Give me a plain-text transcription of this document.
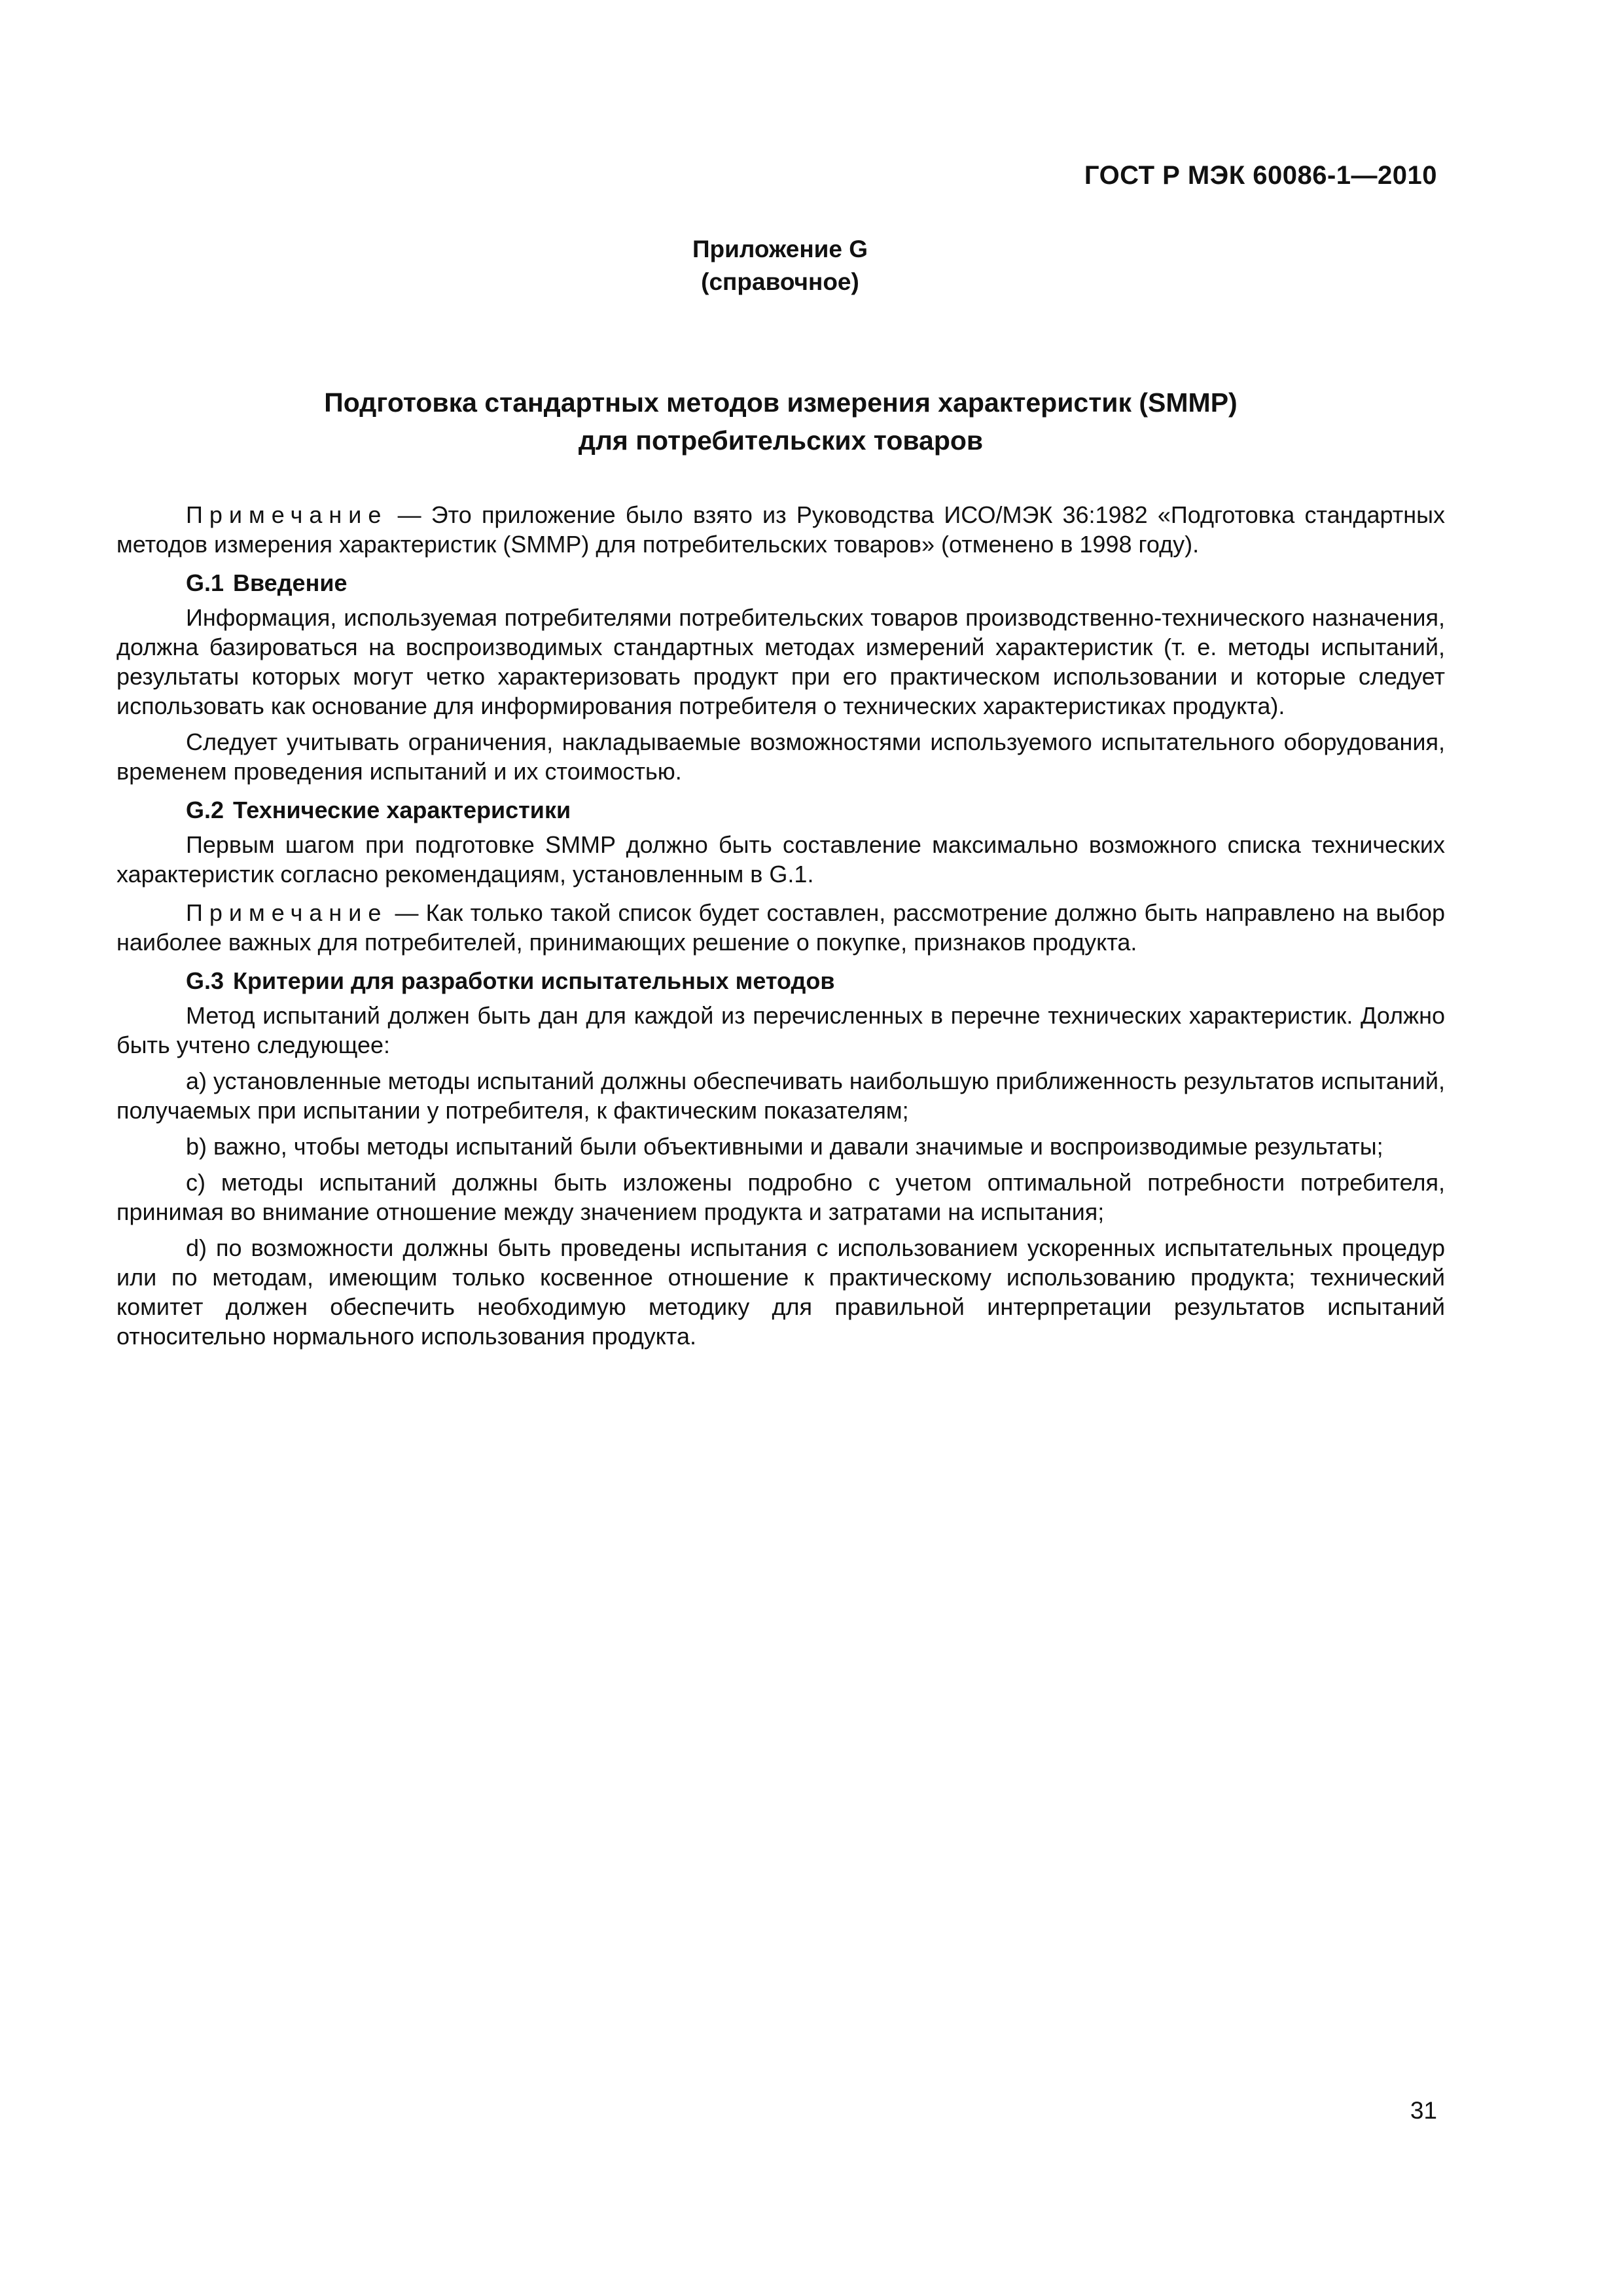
ГОСТ Р МЭК 60086-1—2010
Приложение G
(справочное)
Подготовка стандартных методов измерения характеристик (SMMP)
для потребительских товаров

Примечание — Это приложение было взято из Руководства ИСО/МЭК 36:1982 «Подготовка стандартных методов измерения характеристик (SMMP) для потребительских товаров» (отменено в 1998 году).

G.1 Введение

Информация, используемая потребителями потребительских товаров производственно-технического назначения, должна базироваться на воспроизводимых стандартных методах измерений характеристик (т. е. методы испытаний, результаты которых могут четко характеризовать продукт при его практическом использовании и которые следует использовать как основание для информирования потребителя о технических характеристиках продукта).

Следует учитывать ограничения, накладываемые возможностями используемого испытательного оборудования, временем проведения испытаний и их стоимостью.

G.2 Технические характеристики

Первым шагом при подготовке SMMP должно быть составление максимально возможного списка технических характеристик согласно рекомендациям, установленным в G.1.

Примечание — Как только такой список будет составлен, рассмотрение должно быть направлено на выбор наиболее важных для потребителей, принимающих решение о покупке, признаков продукта.

G.3 Критерии для разработки испытательных методов

Метод испытаний должен быть дан для каждой из перечисленных в перечне технических характеристик. Должно быть учтено следующее:

a) установленные методы испытаний должны обеспечивать наибольшую приближенность результатов испытаний, получаемых при испытании у потребителя, к фактическим показателям;

b) важно, чтобы методы испытаний были объективными и давали значимые и воспроизводимые результаты;

c) методы испытаний должны быть изложены подробно с учетом оптимальной потребности потребителя, принимая во внимание отношение между значением продукта и затратами на испытания;

d) по возможности должны быть проведены испытания с использованием ускоренных испытательных процедур или по методам, имеющим только косвенное отношение к практическому использованию продукта; технический комитет должен обеспечить необходимую методику для правильной интерпретации результатов испытаний относительно нормального использования продукта.

31
